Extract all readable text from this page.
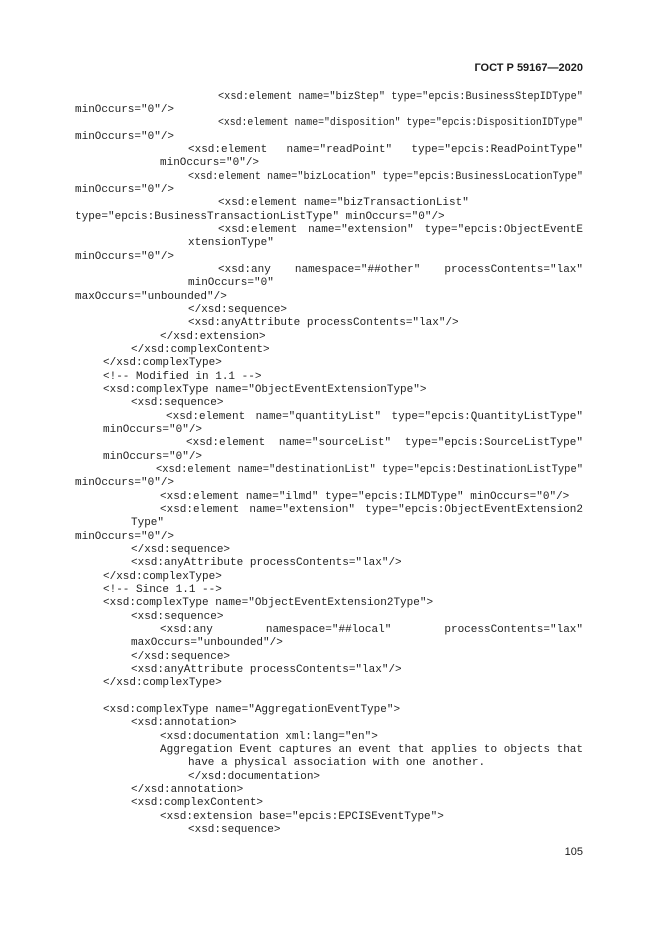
ГОСТ Р 59167—2020
<xsd:element name="bizStep" type="epcis:BusinessStepIDType"
minOccurs="0"/>
<xsd:element name="disposition" type="epcis:DispositionIDType"
minOccurs="0"/>
<xsd:element name="readPoint" type="epcis:ReadPointType"
minOccurs="0"/>
<xsd:element name="bizLocation" type="epcis:BusinessLocationType"
minOccurs="0"/>
<xsd:element name="bizTransactionList"
type="epcis:BusinessTransactionListType" minOccurs="0"/>
<xsd:element name="extension" type="epcis:ObjectEventE
xtensionType"
minOccurs="0"/>
<xsd:any namespace="##other" processContents="lax"
minOccurs="0"
maxOccurs="unbounded"/>
</xsd:sequence>
<xsd:anyAttribute processContents="lax"/>
</xsd:extension>
</xsd:complexContent>
</xsd:complexType>
<!-- Modified in 1.1 -->
<xsd:complexType name="ObjectEventExtensionType">
<xsd:sequence>
<xsd:element name="quantityList" type="epcis:QuantityListType"
minOccurs="0"/>
<xsd:element name="sourceList" type="epcis:SourceListType"
minOccurs="0"/>
<xsd:element name="destinationList" type="epcis:DestinationListType"
minOccurs="0"/>
<xsd:element name="ilmd" type="epcis:ILMDType" minOccurs="0"/>
<xsd:element name="extension" type="epcis:ObjectEventExtension2
Type"
minOccurs="0"/>
</xsd:sequence>
<xsd:anyAttribute processContents="lax"/>
</xsd:complexType>
<!-- Since 1.1 -->
<xsd:complexType name="ObjectEventExtension2Type">
<xsd:sequence>
<xsd:any namespace="##local" processContents="lax"
maxOccurs="unbounded"/>
</xsd:sequence>
<xsd:anyAttribute processContents="lax"/>
</xsd:complexType>
<xsd:complexType name="AggregationEventType">
<xsd:annotation>
<xsd:documentation xml:lang="en">
Aggregation Event captures an event that applies to objects that
have a physical association with one another.
</xsd:documentation>
</xsd:annotation>
<xsd:complexContent>
<xsd:extension base="epcis:EPCISEventType">
<xsd:sequence>
105
